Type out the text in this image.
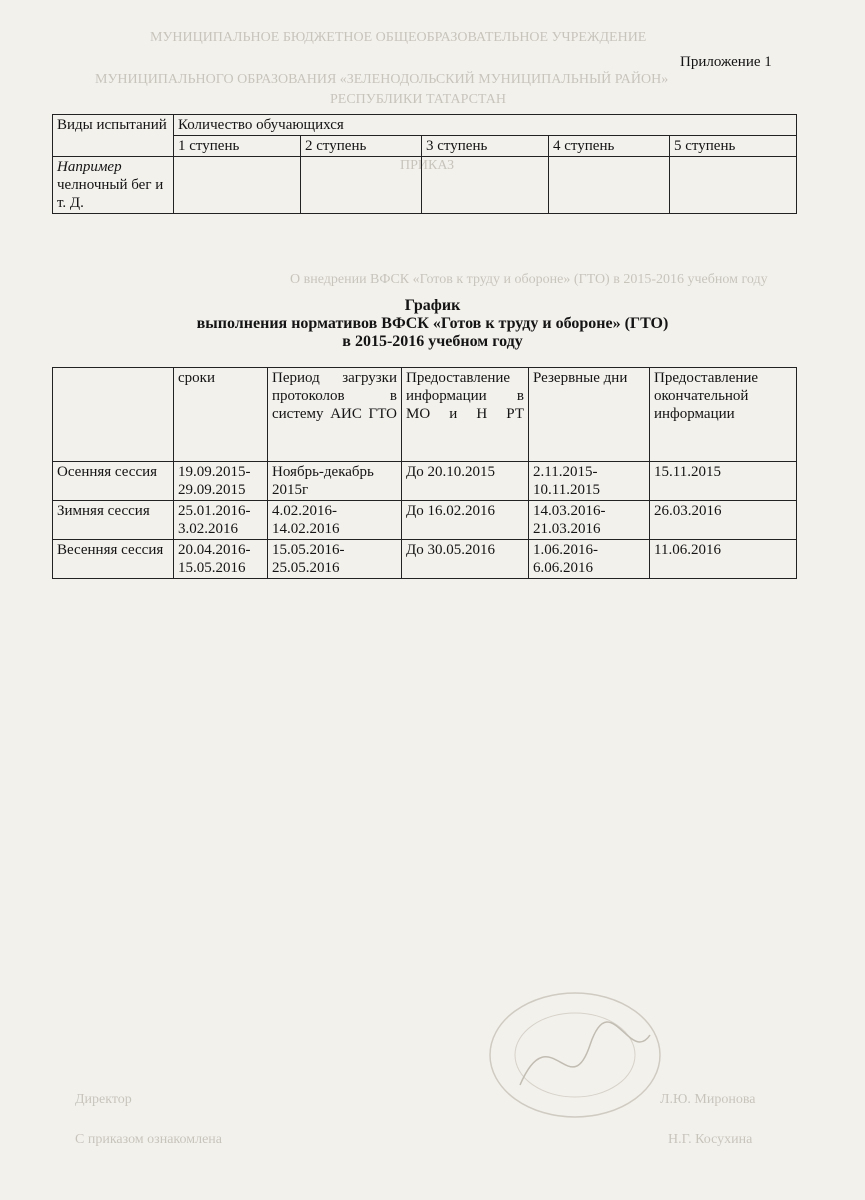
МУНИЦИПАЛЬНОЕ БЮДЖЕТНОЕ ОБЩЕОБРАЗОВАТЕЛЬНОЕ УЧРЕЖДЕНИЕ
МУНИЦИПАЛЬНОГО ОБРАЗОВАНИЯ «ЗЕЛЕНОДОЛЬСКИЙ МУНИЦИПАЛЬНЫЙ РАЙОН»
РЕСПУБЛИКИ ТАТАРСТАН
ПРИКАЗ
О внедрении ВФСК «Готов к труду и обороне» (ГТО) в 2015-2016 учебном году
Директор	Л.Ю. Миронова
С приказом ознакомлена	Н.Г. Косухина
Приложение 1
Виды испытаний	Количество обучающихся				
	1 ступень	2 ступень	3 ступень	4 ступень	5 ступень
Например челночный бег и т. Д.					
График
выполнения нормативов ВФСК «Готов к труду и обороне» (ГТО)
в 2015-2016 учебном году
	сроки	Период загрузки протоколов в систему АИС ГТО	Предоставление информации в МО и Н РТ	Резервные дни	Предоставление окончательной информации
Осенняя сессия	19.09.2015-29.09.2015	Ноябрь-декабрь 2015г	До 20.10.2015	2.11.2015-10.11.2015	15.11.2015
Зимняя сессия	25.01.2016-3.02.2016	4.02.2016-14.02.2016	До 16.02.2016	14.03.2016-21.03.2016	26.03.2016
Весенняя сессия	20.04.2016-15.05.2016	15.05.2016-25.05.2016	До 30.05.2016	1.06.2016-6.06.2016	11.06.2016
